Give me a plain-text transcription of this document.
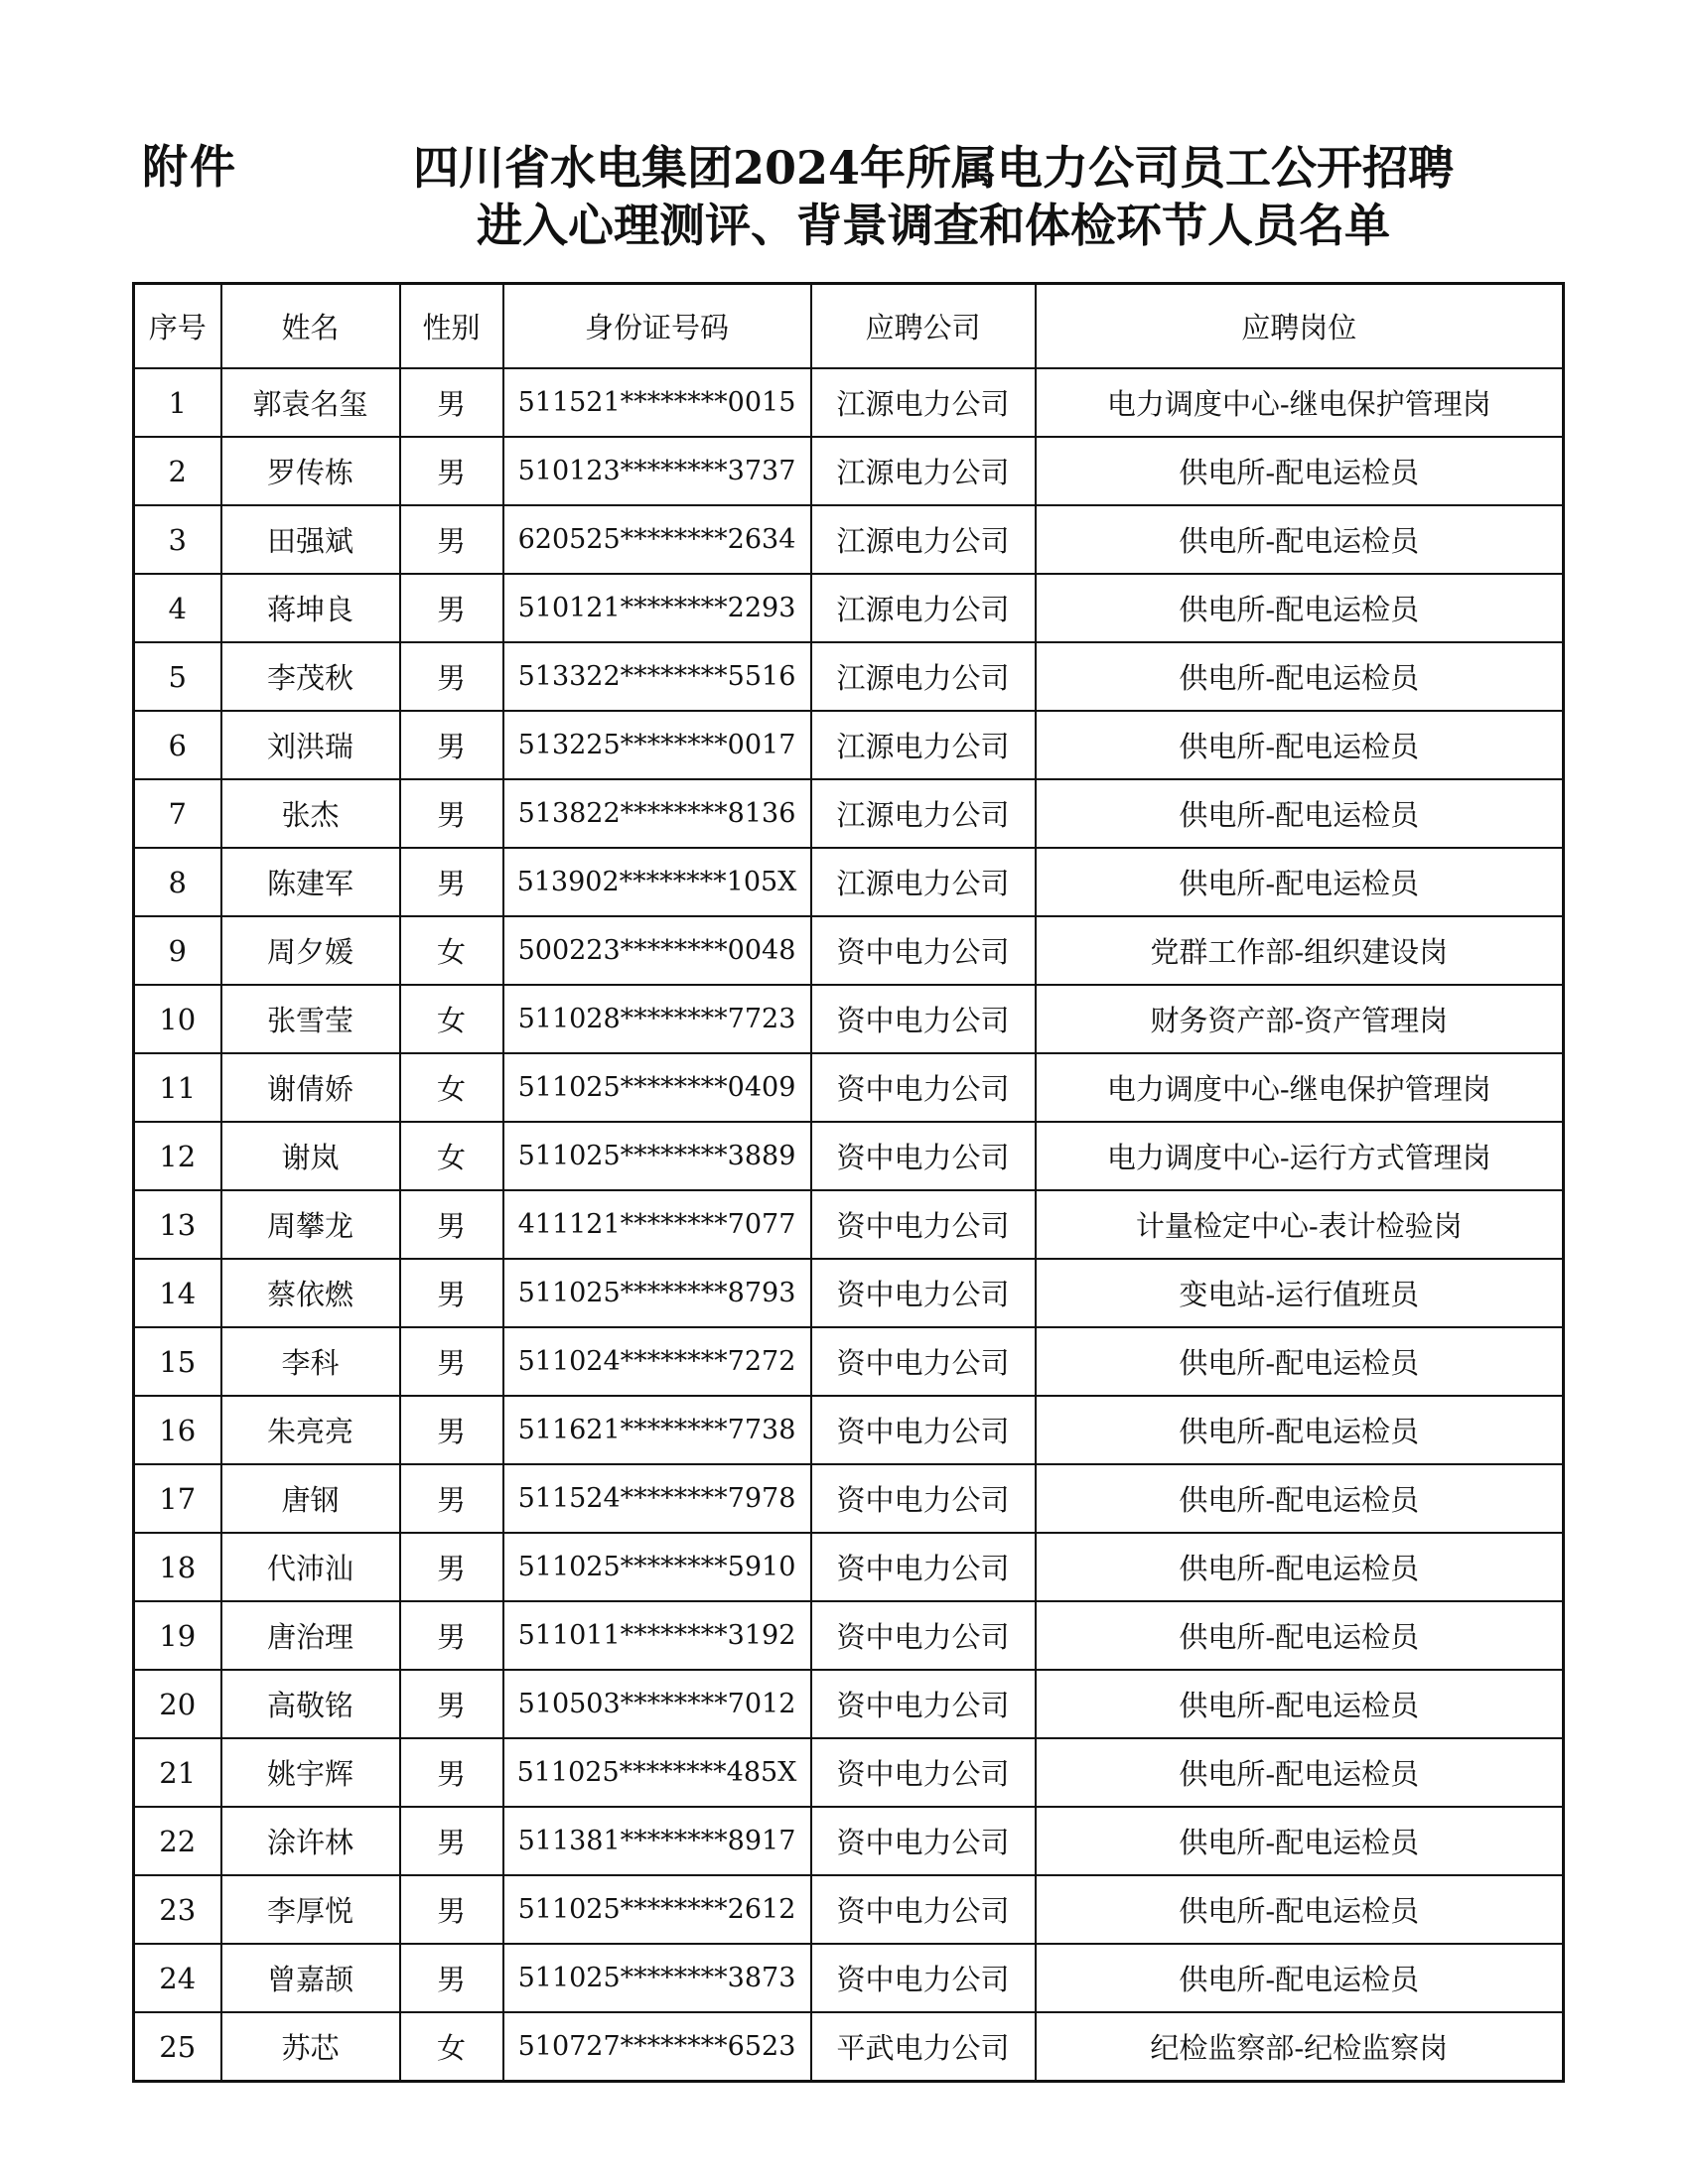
附件	四川省水电集团2024年所属电力公司员工公开招聘
进入心理测评、背景调查和体检环节人员名单
序号	姓名	性别	身份证号码	应聘公司	应聘岗位
1	郭袁名玺	男	511521********0015	江源电力公司	电力调度中心-继电保护管理岗
2	罗传栋	男	510123********3737	江源电力公司	供电所-配电运检员
3	田强斌	男	620525********2634	江源电力公司	供电所-配电运检员
4	蒋坤良	男	510121********2293	江源电力公司	供电所-配电运检员
5	李茂秋	男	513322********5516	江源电力公司	供电所-配电运检员
6	刘洪瑞	男	513225********0017	江源电力公司	供电所-配电运检员
7	张杰	男	513822********8136	江源电力公司	供电所-配电运检员
8	陈建军	男	513902********105X	江源电力公司	供电所-配电运检员
9	周夕媛	女	500223********0048	资中电力公司	党群工作部-组织建设岗
10	张雪莹	女	511028********7723	资中电力公司	财务资产部-资产管理岗
11	谢倩娇	女	511025********0409	资中电力公司	电力调度中心-继电保护管理岗
12	谢岚	女	511025********3889	资中电力公司	电力调度中心-运行方式管理岗
13	周攀龙	男	411121********7077	资中电力公司	计量检定中心-表计检验岗
14	蔡依燃	男	511025********8793	资中电力公司	变电站-运行值班员
15	李科	男	511024********7272	资中电力公司	供电所-配电运检员
16	朱亮亮	男	511621********7738	资中电力公司	供电所-配电运检员
17	唐钢	男	511524********7978	资中电力公司	供电所-配电运检员
18	代沛汕	男	511025********5910	资中电力公司	供电所-配电运检员
19	唐治理	男	511011********3192	资中电力公司	供电所-配电运检员
20	高敬铭	男	510503********7012	资中电力公司	供电所-配电运检员
21	姚宇辉	男	511025********485X	资中电力公司	供电所-配电运检员
22	涂许林	男	511381********8917	资中电力公司	供电所-配电运检员
23	李厚悦	男	511025********2612	资中电力公司	供电所-配电运检员
24	曾嘉颉	男	511025********3873	资中电力公司	供电所-配电运检员
25	苏芯	女	510727********6523	平武电力公司	纪检监察部-纪检监察岗
